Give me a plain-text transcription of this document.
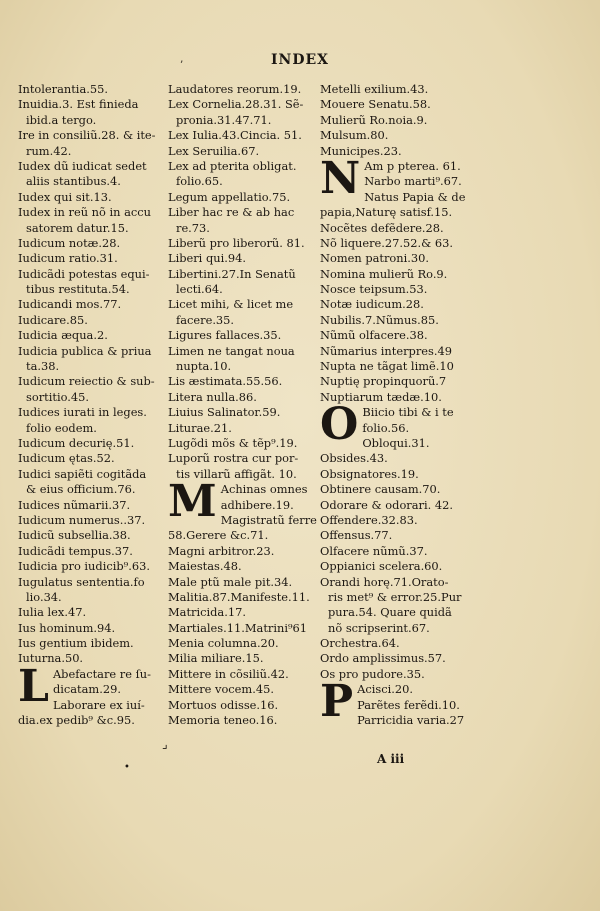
INDEX
’
Intolerantia.55.
Inuidia.3. Est finieda
ibid.a tergo.
Ire in consiliũ.28. & ite‑
rum.42.
Iudex dũ iudicat sedet
aliis stantibus.4.
Iudex qui sit.13.
Iudex in reũ nõ in accu
satorem datur.15.
Iudicum notæ.28.
Iudicum ratio.31.
Iudicãdi potestas equi‑
tibus restituta.54.
Iudicandi mos.77.
Iudicare.85.
Iudicia æqua.2.
Iudicia publica & priua
ta.38.
Iudicum reiectio & sub‑
sortitio.45.
Iudices iurati in leges.
folio eodem.
Iudicum decurię.51.
Iudicum ętas.52.
Iudici sapiẽti cogitãda
& eius officium.76.
Iudices nũmarii.37.
Iudicum numerus..37.
Iudicũ subsellia.38.
Iudicãdi tempus.37.
Iudicia pro iudicib⁹.63.
Iugulatus sententia.fo
lio.34.
Iulia lex.47.
Ius hominum.94.
Ius gentium ibidem.
Iuturna.50.
L Abefactare re ſu‑
dicatam.29.
Laborare ex iuí‑
dia.ex pedib⁹ &c.95.
Laudatores reorum.19.
Lex Cornelia.28.31. Sẽ‑
pronia.31.47.71.
Lex Iulia.43.Cincia. 51.
Lex Seruilia.67.
Lex ad pterita obligat.
folio.65.
Legum appellatio.75.
Liber hac re & ab hac
re.73.
Liberũ pro liberorũ. 81.
Liberi qui.94.
Libertini.27.In Senatũ
lecti.64.
Licet mihi, & licet me
facere.35.
Ligures fallaces.35.
Limen ne tangat noua
nupta.10.
Lis æstimata.55.56.
Litera nulla.86.
Liuius Salinator.59.
Liturae.21.
Lugõdi mõs & tẽp⁹.19.
Luporũ rostra cur por‑
tis villarũ affigãt. 10.
M Achinas omnes
adhibere.19.
Magistratũ ferre
58.Gerere &c.71.
Magni arbitror.23.
Maiestas.48.
Male ptũ male pit.34.
Malitia.87.Manifeste.11.
Matricida.17.
Martiales.11.Matrini⁹61
Menia columna.20.
Milia miliare.15.
Mittere in cõsiliũ.42.
Mittere vocem.45.
Mortuos odisse.16.
Memoria teneo.16.
Metelli exilium.43.
Mouere Senatu.58.
Mulierũ Ro.noia.9.
Mulsum.80.
Municipes.23.
N Am p pterea. 61.
Narbo marti⁹.67.
Natus Papia & de
papia,Naturę satisf.15.
Nocẽtes defẽdere.28.
Nõ liquere.27.52.& 63.
Nomen patroni.30.
Nomina mulierũ Ro.9.
Nosce teipsum.53.
Notæ iudicum.28.
Nubilis.7.Nũmus.85.
Nũmũ olfacere.38.
Nũmarius interpres.49
Nupta ne tãgat limẽ.10
Nuptię propinquorũ.7
Nuptiarum tædæ.10.
O Biicio tibi & i te
folio.56.
Obloqui.31.
Obsides.43.
Obsignatores.19.
Obtinere causam.70.
Odorare & odorari. 42.
Offendere.32.83.
Offensus.77.
Olfacere nũmũ.37.
Oppianici scelera.60.
Orandi horę.71.Orato‑
ris met⁹ & error.25.Pur
pura.54. Quare quidã
nõ scripserint.67.
Orchestra.64.
Ordo amplissimus.57.
Os pro pudore.35.
P Acisci.20.
Parẽtes ferẽdi.10.
Parricidia varia.27
⌟
•
A iii
